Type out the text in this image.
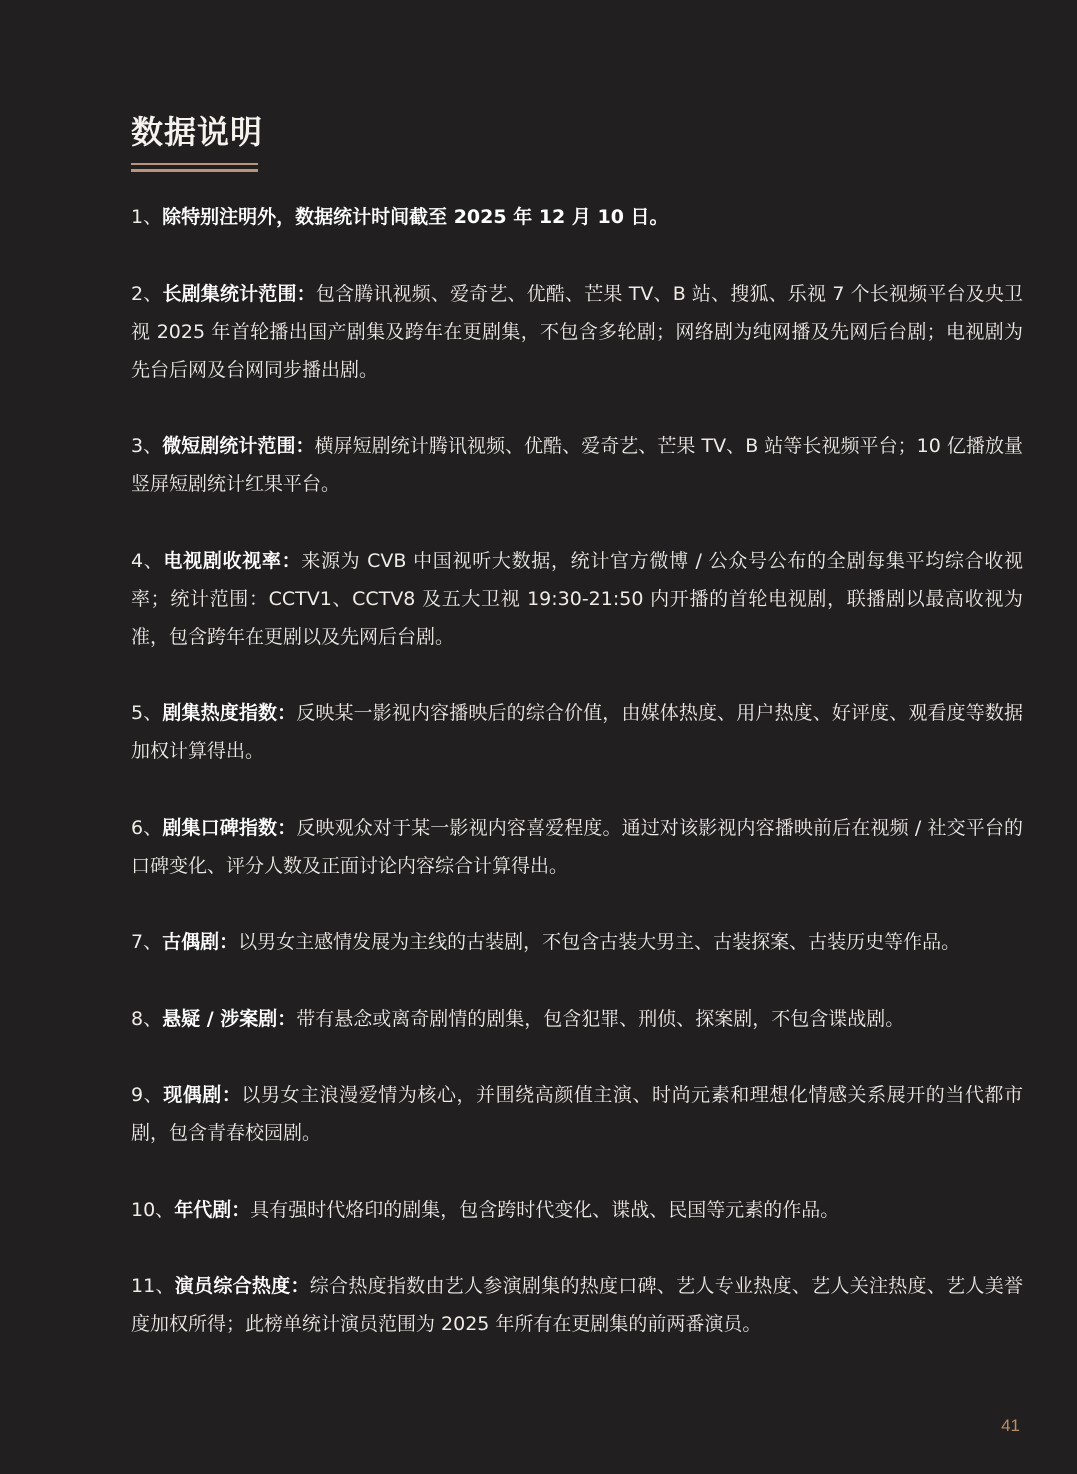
数据说明

1、除特别注明外，数据统计时间截至 2025 年 12 月 10 日。

2、长剧集统计范围：包含腾讯视频、爱奇艺、优酷、芒果 TV、B 站、搜狐、乐视 7 个长视频平台及央卫视 2025 年首轮播出国产剧集及跨年在更剧集，不包含多轮剧；网络剧为纯网播及先网后台剧；电视剧为先台后网及台网同步播出剧。

3、微短剧统计范围：横屏短剧统计腾讯视频、优酷、爱奇艺、芒果 TV、B 站等长视频平台；10 亿播放量竖屏短剧统计红果平台。

4、电视剧收视率：来源为 CVB 中国视听大数据，统计官方微博 / 公众号公布的全剧每集平均综合收视率；统计范围：CCTV1、CCTV8 及五大卫视 19:30-21:50 内开播的首轮电视剧，联播剧以最高收视为准，包含跨年在更剧以及先网后台剧。

5、剧集热度指数：反映某一影视内容播映后的综合价值，由媒体热度、用户热度、好评度、观看度等数据加权计算得出。

6、剧集口碑指数：反映观众对于某一影视内容喜爱程度。通过对该影视内容播映前后在视频 / 社交平台的口碑变化、评分人数及正面讨论内容综合计算得出。

7、古偶剧：以男女主感情发展为主线的古装剧，不包含古装大男主、古装探案、古装历史等作品。

8、悬疑 / 涉案剧：带有悬念或离奇剧情的剧集，包含犯罪、刑侦、探案剧，不包含谍战剧。

9、现偶剧：以男女主浪漫爱情为核心，并围绕高颜值主演、时尚元素和理想化情感关系展开的当代都市剧，包含青春校园剧。

10、年代剧：具有强时代烙印的剧集，包含跨时代变化、谍战、民国等元素的作品。

11、演员综合热度：综合热度指数由艺人参演剧集的热度口碑、艺人专业热度、艺人关注热度、艺人美誉度加权所得；此榜单统计演员范围为 2025 年所有在更剧集的前两番演员。

41
